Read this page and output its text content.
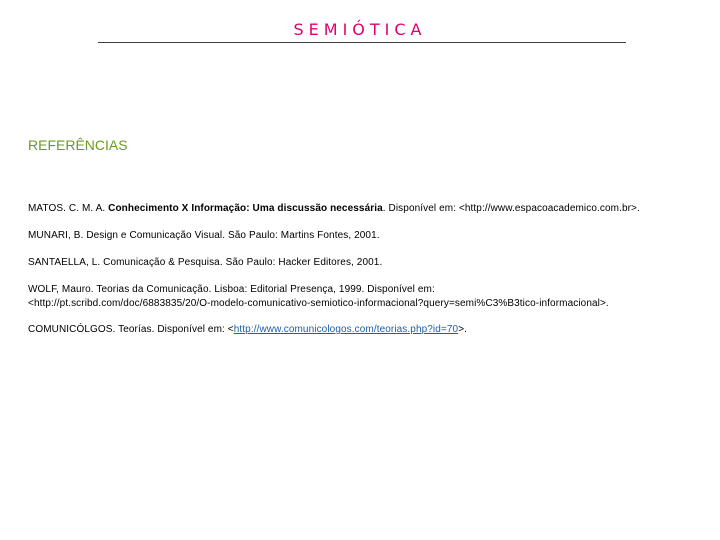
SEMIÓTICA
REFERÊNCIAS
MATOS. C. M. A. Conhecimento X Informação: Uma discussão necessária. Disponível em: <http://www.espacoacademico.com.br>.
MUNARI, B. Design e Comunicação Visual. São Paulo: Martins Fontes, 2001.
SANTAELLA, L. Comunicação & Pesquisa. São Paulo: Hacker Editores, 2001.
WOLF, Mauro. Teorias da Comunicação. Lisboa: Editorial Presença, 1999. Disponível em:
<http://pt.scribd.com/doc/6883835/20/O-modelo-comunicativo-semiotico-informacional?query=semi%C3%B3tico-informacional>.
COMUNICÓLGOS. Teorías. Disponível em: <http://www.comunicologos.com/teorias.php?id=70>.
